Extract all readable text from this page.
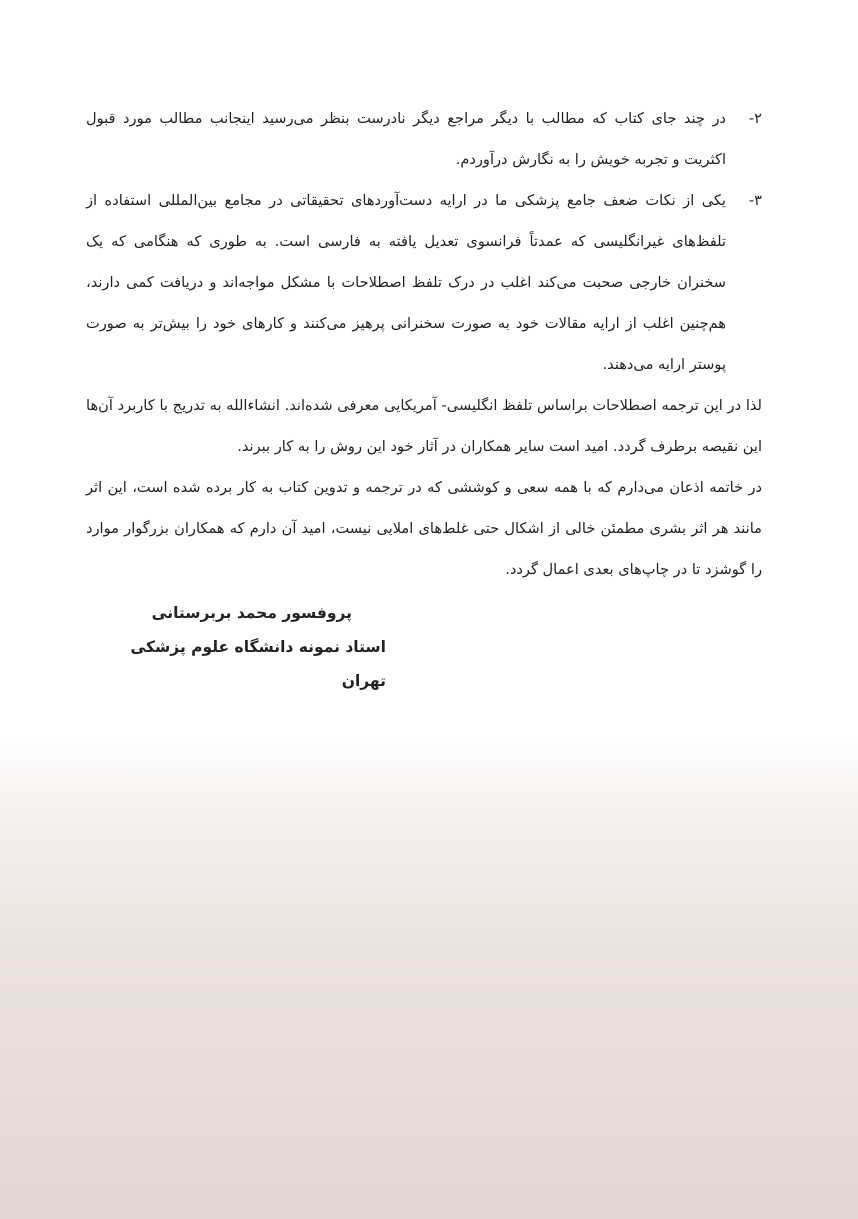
۲-
در چند جای کتاب که مطالب با دیگر مراجع دیگر نادرست بنظر می‌رسید اینجانب مطالب مورد قبول اکثریت و تجربه خویش را به نگارش درآوردم.

۳-
یکی از نکات ضعف جامع پزشکی ما در ارایه دست‌آوردهای تحقیقاتی در مجامع بین‌المللی استفاده از تلفظ‌های غیرانگلیسی که عمدتاً فرانسوی تعدیل یافته به فارسی است. به طوری که هنگامی که یک سخنران خارجی صحبت می‌کند اغلب در درک تلفظ اصطلاحات با مشکل مواجه‌اند و دریافت کمی دارند، هم‌چنین اغلب از ارایه مقالات خود به صورت سخنرانی پرهیز می‌کنند و کارهای خود را بیش‌تر به صورت پوستر ارایه می‌دهند.

لذا در این ترجمه اصطلاحات براساس تلفظ انگلیسی- آمریکایی معرفی شده‌اند. انشاءالله به تدریج با کاربرد آن‌ها این نقیصه برطرف گردد. امید است سایر همکاران در آثار خود این روش را به کار ببرند.

در خاتمه اذعان می‌دارم که با همه سعی و کوششی که در ترجمه و تدوین کتاب به کار برده شده است، این اثر مانند هر اثر بشری مطمئن خالی از اشکال حتی غلط‌های املایی نیست، امید آن دارم که همکاران بزرگوار موارد را گوشزد تا در چاپ‌های بعدی اعمال گردد.

پروفسور محمد بربرستانی
استاد نمونه دانشگاه علوم پزشکی تهران
